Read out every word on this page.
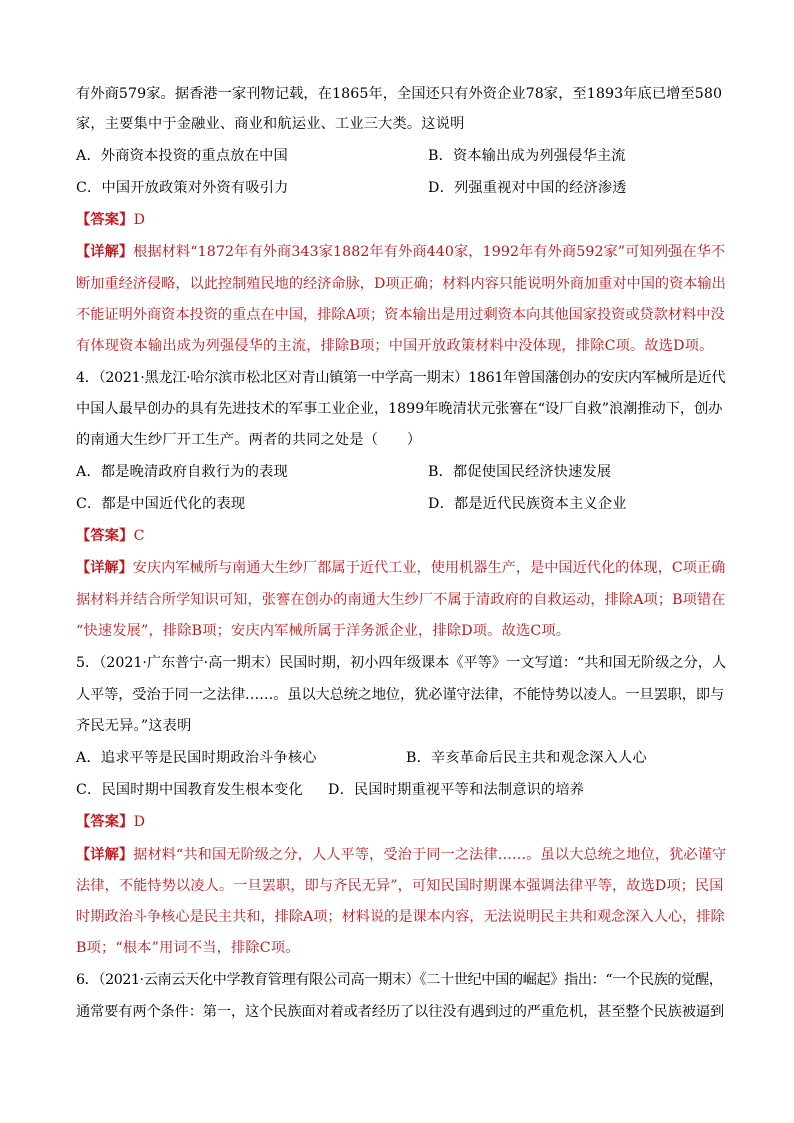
有外商579家。据香港一家刊物记载，在1865年，全国还只有外资企业78家，至1893年底已增至580
家，主要集中于金融业、商业和航运业、工业三大类。这说明
A．外商资本投资的重点放在中国	B．资本输出成为列强侵华主流
C．中国开放政策对外资有吸引力	D．列强重视对中国的经济渗透
【答案】D
【详解】根据材料“1872年有外商343家1882年有外商440家，1992年有外商592家”可知列强在华不
断加重经济侵略，以此控制殖民地的经济命脉，D项正确；材料内容只能说明外商加重对中国的资本输出
不能证明外商资本投资的重点在中国，排除A项；资本输出是用过剩资本向其他国家投资或贷款材料中没
有体现资本输出成为列强侵华的主流，排除B项；中国开放政策材料中没体现，排除C项。故选D项。
4．（2021·黑龙江·哈尔滨市松北区对青山镇第一中学高一期末）1861年曾国藩创办的安庆内军械所是近代
中国人最早创办的具有先进技术的军事工业企业，1899年晚清状元张謇在“设厂自救”浪潮推动下，创办
的南通大生纱厂开工生产。两者的共同之处是（　　）
A．都是晚清政府自救行为的表现	B．都促使国民经济快速发展
C．都是中国近代化的表现	D．都是近代民族资本主义企业
【答案】C
【详解】安庆内军械所与南通大生纱厂都属于近代工业，使用机器生产，是中国近代化的体现，C项正确
据材料并结合所学知识可知，张謇在创办的南通大生纱厂不属于清政府的自救运动，排除A项；B项错在
“快速发展”，排除B项；安庆内军械所属于洋务派企业，排除D项。故选C项。
5．（2021·广东普宁·高一期末）民国时期，初小四年级课本《平等》一文写道：“共和国无阶级之分，人
人平等，受治于同一之法律……。虽以大总统之地位，犹必谨守法律，不能恃势以凌人。一旦罢职，即与
齐民无异。”这表明
A．追求平等是民国时期政治斗争核心	B．辛亥革命后民主共和观念深入人心
C．民国时期中国教育发生根本变化 D．民国时期重视平等和法制意识的培养
【答案】D
【详解】据材料“共和国无阶级之分，人人平等，受治于同一之法律……。虽以大总统之地位，犹必谨守
法律，不能恃势以凌人。一旦罢职，即与齐民无异”，可知民国时期课本强调法律平等，故选D项；民国
时期政治斗争核心是民主共和，排除A项；材料说的是课本内容，无法说明民主共和观念深入人心，排除
B项；“根本”用词不当，排除C项。
6．（2021·云南云天化中学教育管理有限公司高一期末）《二十世纪中国的崛起》指出：“一个民族的觉醒，
通常要有两个条件：第一，这个民族面对着或者经历了以往没有遇到过的严重危机，甚至整个民族被逼到
